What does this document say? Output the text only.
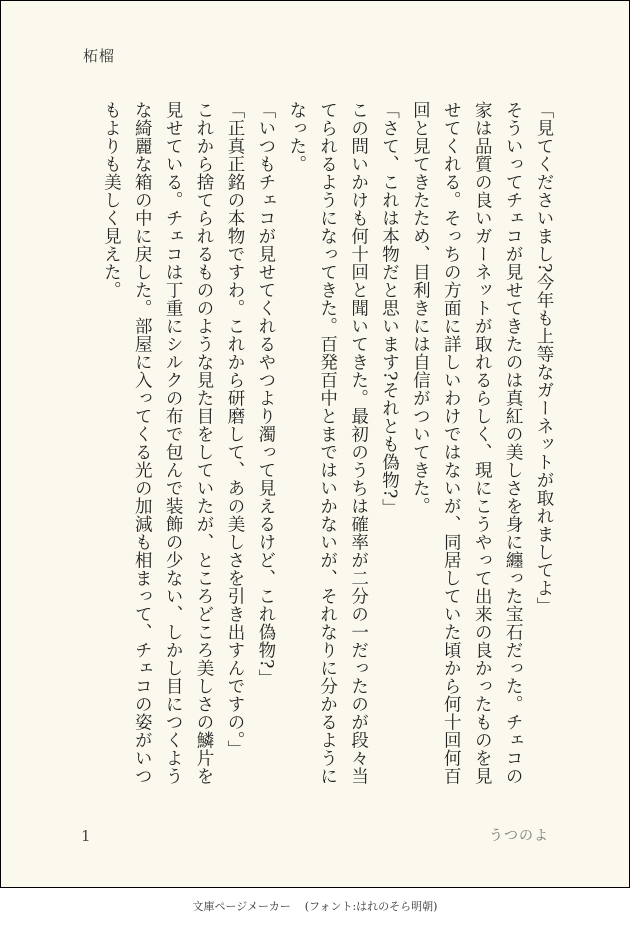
柘榴

「見てくださいまし?今年も上等なガーネットが取れましてよ」

そういってチェコが見せてきたのは真紅の美しさを身に纏った宝石だった。チェコの家は品質の良いガーネットが取れるらしく、現にこうやって出来の良かったものを見せてくれる。そっちの方面に詳しいわけではないが、同居していた頃から何十回何百回と見てきたため、目利きには自信がついてきた。

「さて、これは本物だと思います?それとも偽物?」

この問いかけも何十回と聞いてきた。最初のうちは確率が二分の一だったのが段々当てられるようになってきた。百発百中とまではいかないが、それなりに分かるようになった。

「いつもチェコが見せてくれるやつより濁って見えるけど、これ偽物?」

「正真正銘の本物ですわ。これから研磨して、あの美しさを引き出すんですの。」

これから捨てられるもののような見た目をしていたが、ところどころ美しさの鱗片を見せている。チェコは丁重にシルクの布で包んで装飾の少ない、しかし目につくような綺麗な箱の中に戻した。部屋に入ってくる光の加減も相まって、チェコの姿がいつもよりも美しく見えた。

1	うつのよ
文庫ページメーカー (フォント:はれのそら明朝)
